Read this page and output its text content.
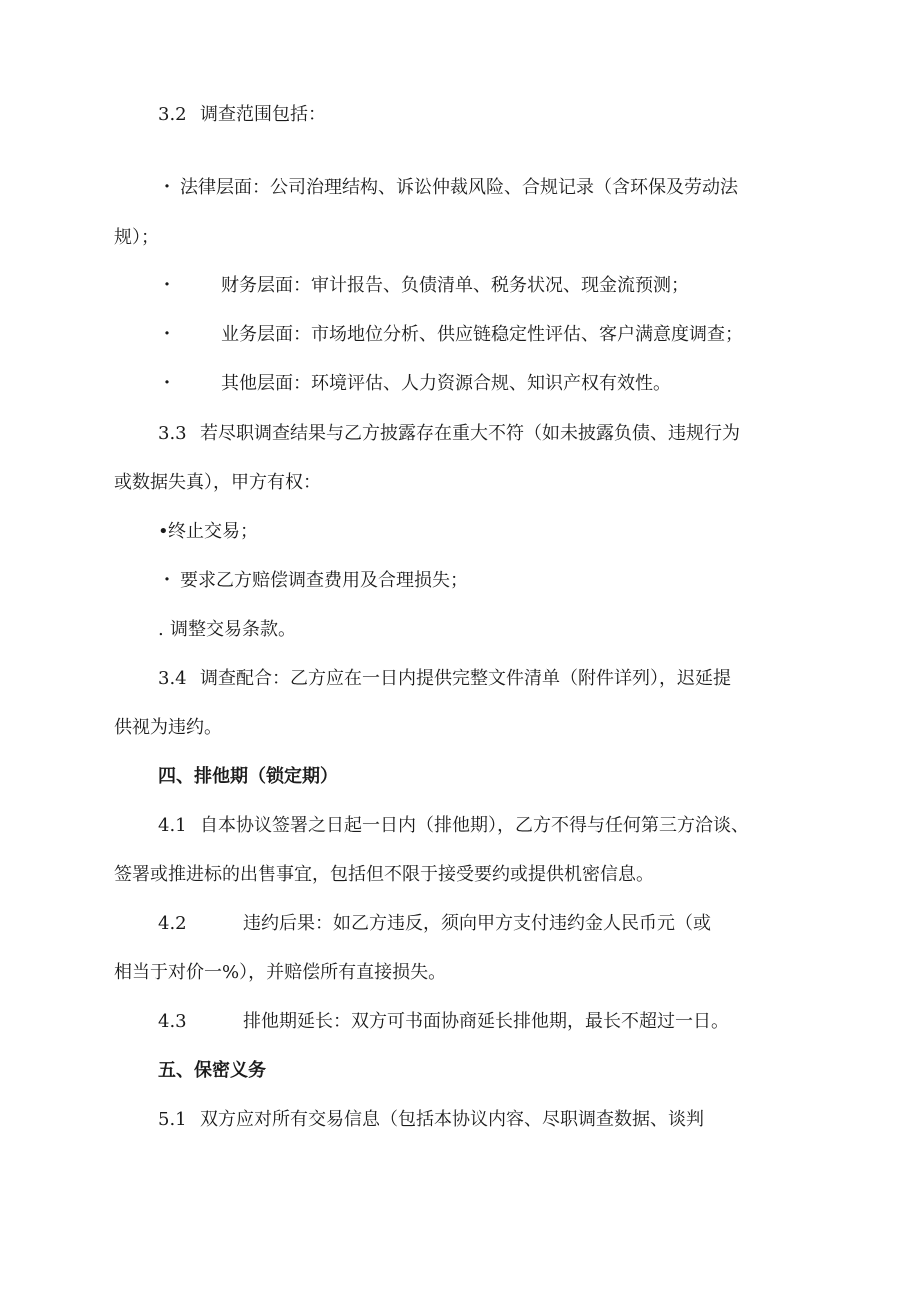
3.2 调查范围包括：
・ 法律层面：公司治理结构、诉讼仲裁风险、合规记录（含环保及劳动法
规）；
・	财务层面：审计报告、负债清单、税务状况、现金流预测；
・	业务层面：市场地位分析、供应链稳定性评估、客户满意度调查；
・	其他层面：环境评估、人力资源合规、知识产权有效性。
3.3 若尽职调查结果与乙方披露存在重大不符（如未披露负债、违规行为
或数据失真），甲方有权：
• 终止交易；
・ 要求乙方赔偿调查费用及合理损失；
. 调整交易条款。
3.4 调查配合：乙方应在一日内提供完整文件清单（附件详列），迟延提
供视为违约。
四、排他期（锁定期）
4.1 自本协议签署之日起一日内（排他期），乙方不得与任何第三方洽谈、
签署或推进标的出售事宜，包括但不限于接受要约或提供机密信息。
4.2	违约后果：如乙方违反，须向甲方支付违约金人民币元（或
相当于对价一%），并赔偿所有直接损失。
4.3	排他期延长：双方可书面协商延长排他期，最长不超过一日。
五、保密义务
5.1 双方应对所有交易信息（包括本协议内容、尽职调查数据、谈判
